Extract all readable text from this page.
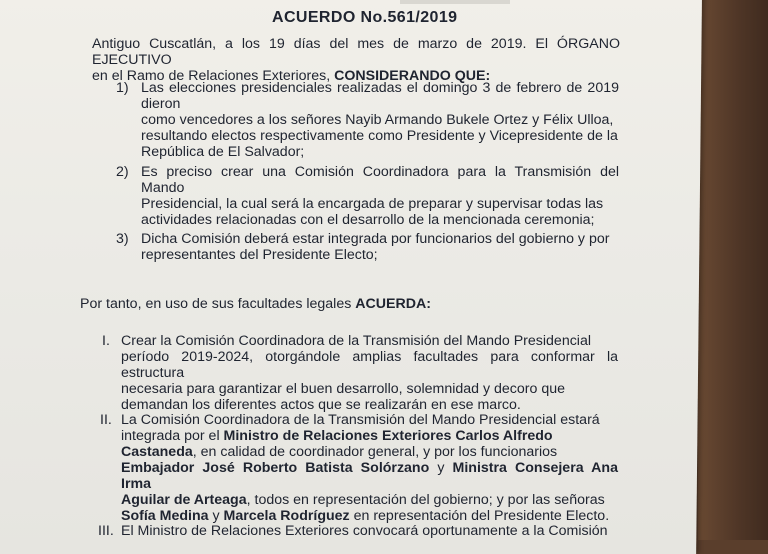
ACUERDO No.561/2019

Antiguo Cuscatlán, a los 19 días del mes de marzo de 2019. El ÓRGANO EJECUTIVO
en el Ramo de Relaciones Exteriores, CONSIDERANDO QUE:

1) Las elecciones presidenciales realizadas el domingo 3 de febrero de 2019 dieron
como vencedores a los señores Nayib Armando Bukele Ortez y Félix Ulloa,
resultando electos respectivamente como Presidente y Vicepresidente de la
República de El Salvador;

2) Es preciso crear una Comisión Coordinadora para la Transmisión del Mando
Presidencial, la cual será la encargada de preparar y supervisar todas las
actividades relacionadas con el desarrollo de la mencionada ceremonia;

3) Dicha Comisión deberá estar integrada por funcionarios del gobierno y por
representantes del Presidente Electo;

Por tanto, en uso de sus facultades legales ACUERDA:

I. Crear la Comisión Coordinadora de la Transmisión del Mando Presidencial
período 2019-2024, otorgándole amplias facultades para conformar la estructura
necesaria para garantizar el buen desarrollo, solemnidad y decoro que
demandan los diferentes actos que se realizarán en ese marco.

II. La Comisión Coordinadora de la Transmisión del Mando Presidencial estará
integrada por el Ministro de Relaciones Exteriores Carlos Alfredo
Castaneda, en calidad de coordinador general, y por los funcionarios
Embajador José Roberto Batista Solórzano y Ministra Consejera Ana Irma
Aguilar de Arteaga, todos en representación del gobierno; y por las señoras
Sofía Medina y Marcela Rodríguez en representación del Presidente Electo.

III. El Ministro de Relaciones Exteriores convocará oportunamente a la Comisión
